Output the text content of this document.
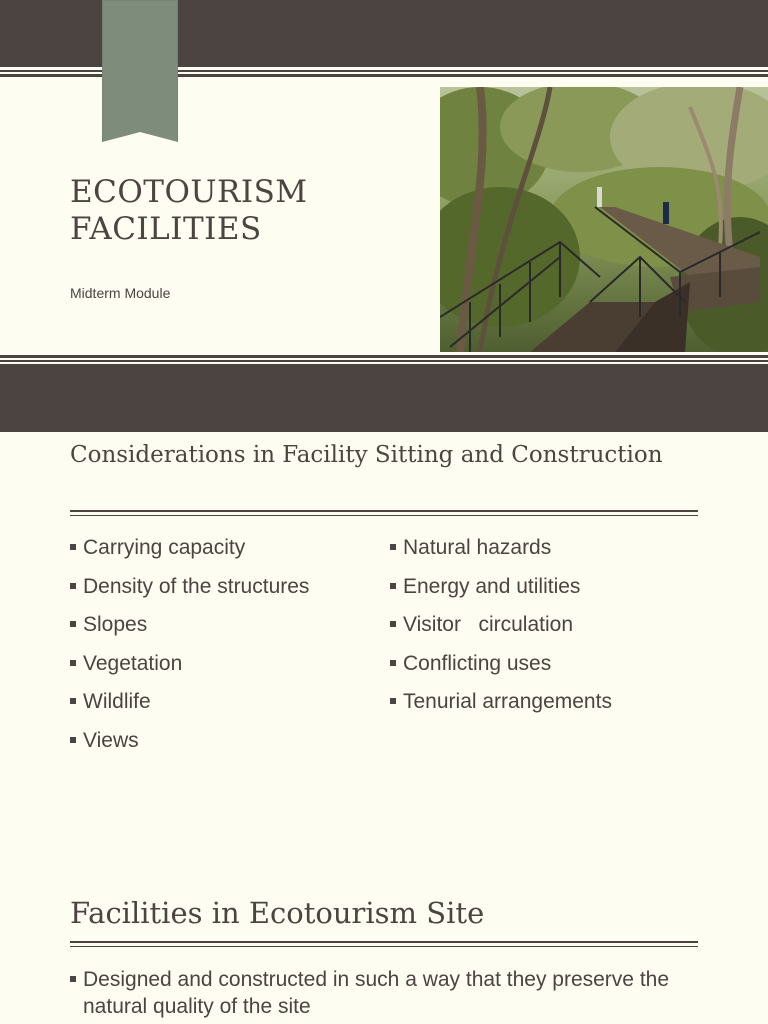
ECOTOURISM
FACILITIES
Midterm Module
Considerations in Facility Sitting and Construction
Carrying capacity
Density of the structures
Slopes
Vegetation
Wildlife
Views
Natural hazards
Energy and utilities
Visitor   circulation
Conflicting uses
Tenurial arrangements
Facilities in Ecotourism Site
Designed and constructed in such a way that they preserve the natural quality of the site
